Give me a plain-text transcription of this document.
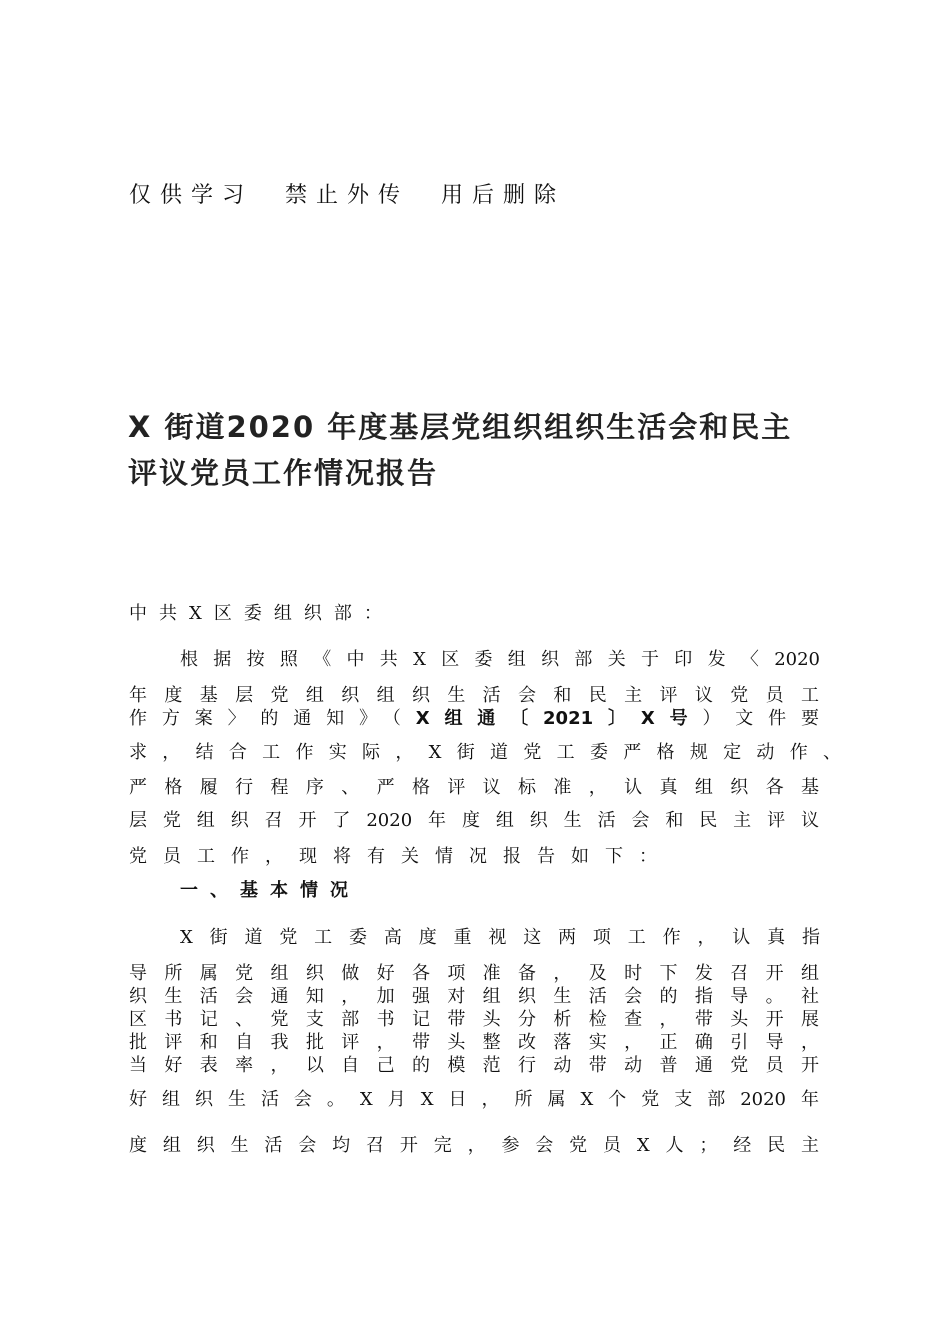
仅供学习  禁止外传  用后删除
X 街道2020 年度基层党组织组织生活会和民主
评议党员工作情况报告
中共X区委组织部：
根据按照《中共X区委组织部关于印发〈2020
年度基层党组织组织生活会和民主评议党员工
作方案〉的通知》（X组通〔2021〕X号）文件要
求，结合工作实际，X街道党工委严格规定动作、
严格履行程序、严格评议标准，认真组织各基
层党组织召开了2020年度组织生活会和民主评议
党员工作，现将有关情况报告如下：
一、基本情况
X街道党工委高度重视这两项工作，认真指
导所属党组织做好各项准备，及时下发召开组
织生活会通知，加强对组织生活会的指导。社
区书记、党支部书记带头分析检查，带头开展
批评和自我批评，带头整改落实，正确引导，
当好表率，以自己的模范行动带动普通党员开
好组织生活会。X月X日，所属X个党支部2020年
度组织生活会均召开完，参会党员X人；经民主
